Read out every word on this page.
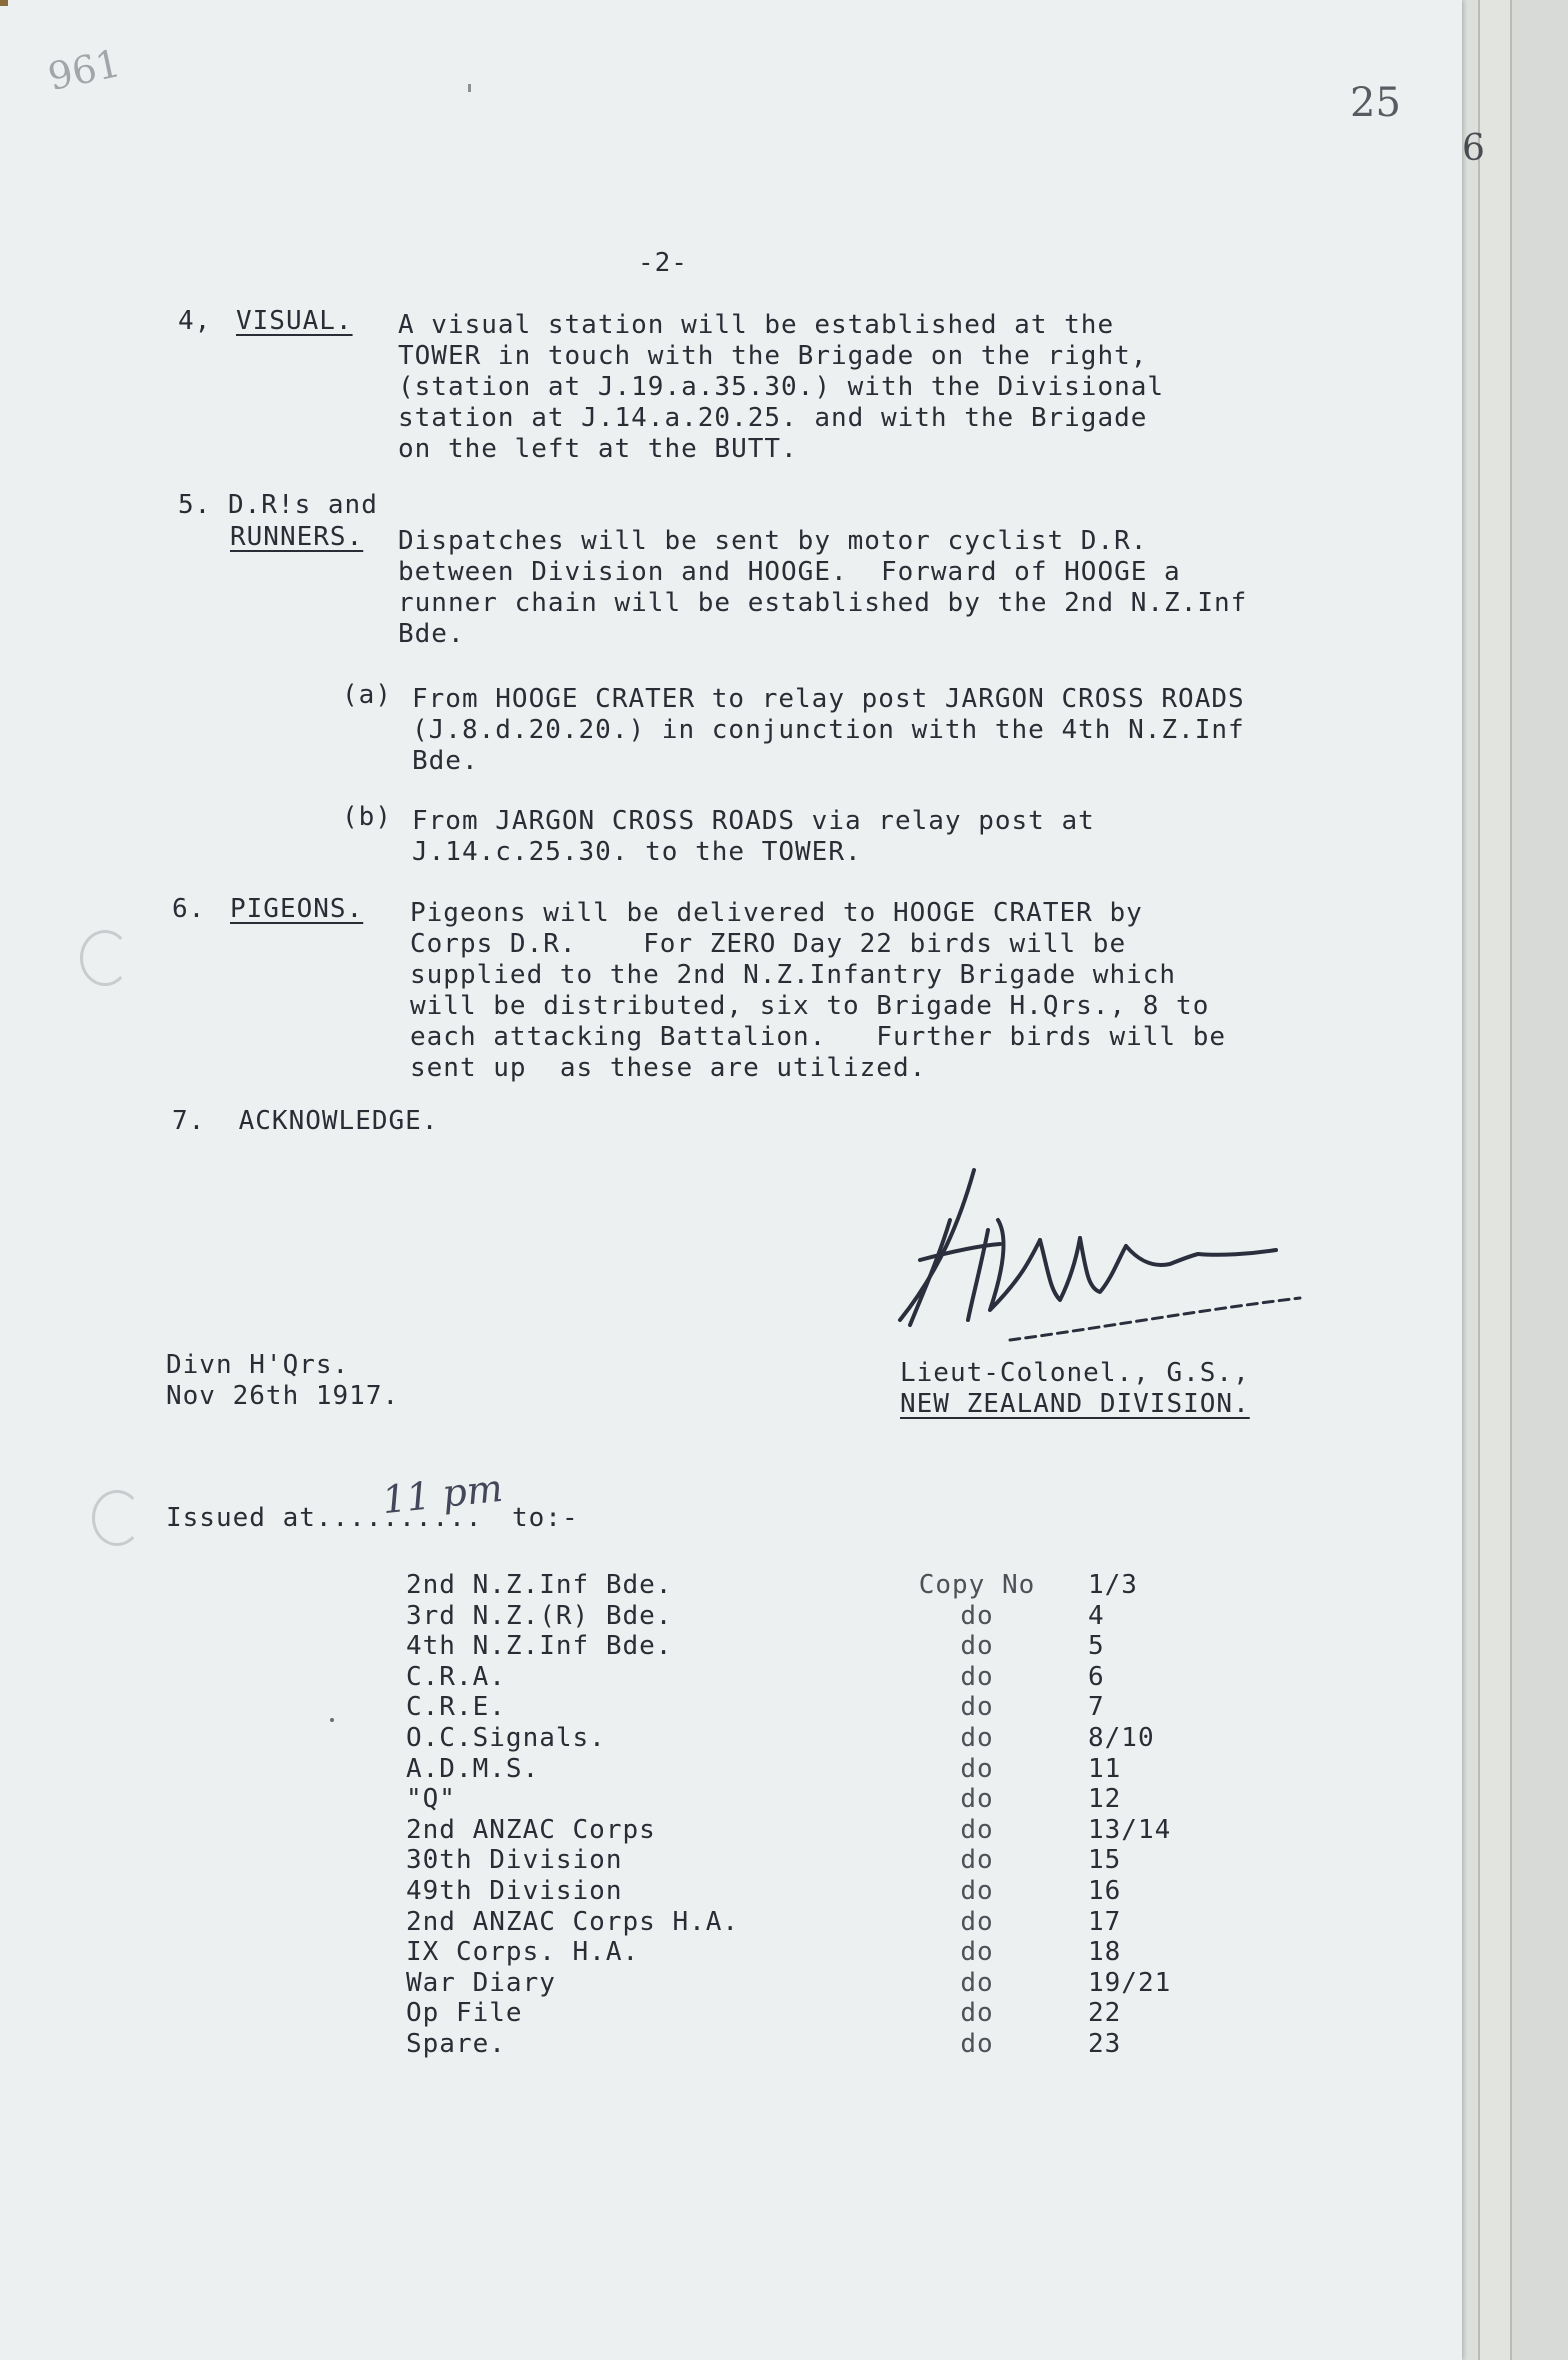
6
961
25
-2-
4, VISUAL. A visual station will be established at the
TOWER in touch with the Brigade on the right,
(station at J.19.a.35.30.) with the Divisional
station at J.14.a.20.25. and with the Brigade
on the left at the BUTT.
5. D.R!s and
RUNNERS. Dispatches will be sent by motor cyclist D.R.
between Division and HOOGE.  Forward of HOOGE a
runner chain will be established by the 2nd N.Z.Inf
Bde.
(a) From HOOGE CRATER to relay post JARGON CROSS ROADS
(J.8.d.20.20.) in conjunction with the 4th N.Z.Inf
Bde.
(b) From JARGON CROSS ROADS via relay post at
J.14.c.25.30. to the TOWER.
6. PIGEONS. Pigeons will be delivered to HOOGE CRATER by
Corps D.R.    For ZERO Day 22 birds will be
supplied to the 2nd N.Z.Infantry Brigade which
will be distributed, six to Brigade H.Qrs., 8 to
each attacking Battalion.   Further birds will be
sent up  as these are utilized.
7. ACKNOWLEDGE.
Divn H'Qrs.
Nov 26th 1917.
Lieut-Colonel., G.S.,
NEW ZEALAND DIVISION.
Issued at..........
11 pm to:-
2nd N.Z.Inf Bde.	Copy No	1/3
3rd N.Z.(R) Bde.	do	4
4th N.Z.Inf Bde.	do	5
C.R.A.	do	6
C.R.E.	do	7
O.C.Signals.	do	8/10
A.D.M.S.	do	11
"Q"	do	12
2nd ANZAC Corps	do	13/14
30th Division	do	15
49th Division	do	16
2nd ANZAC Corps H.A.	do	17
IX Corps. H.A.	do	18
War Diary	do	19/21
Op File	do	22
Spare.	do	23
